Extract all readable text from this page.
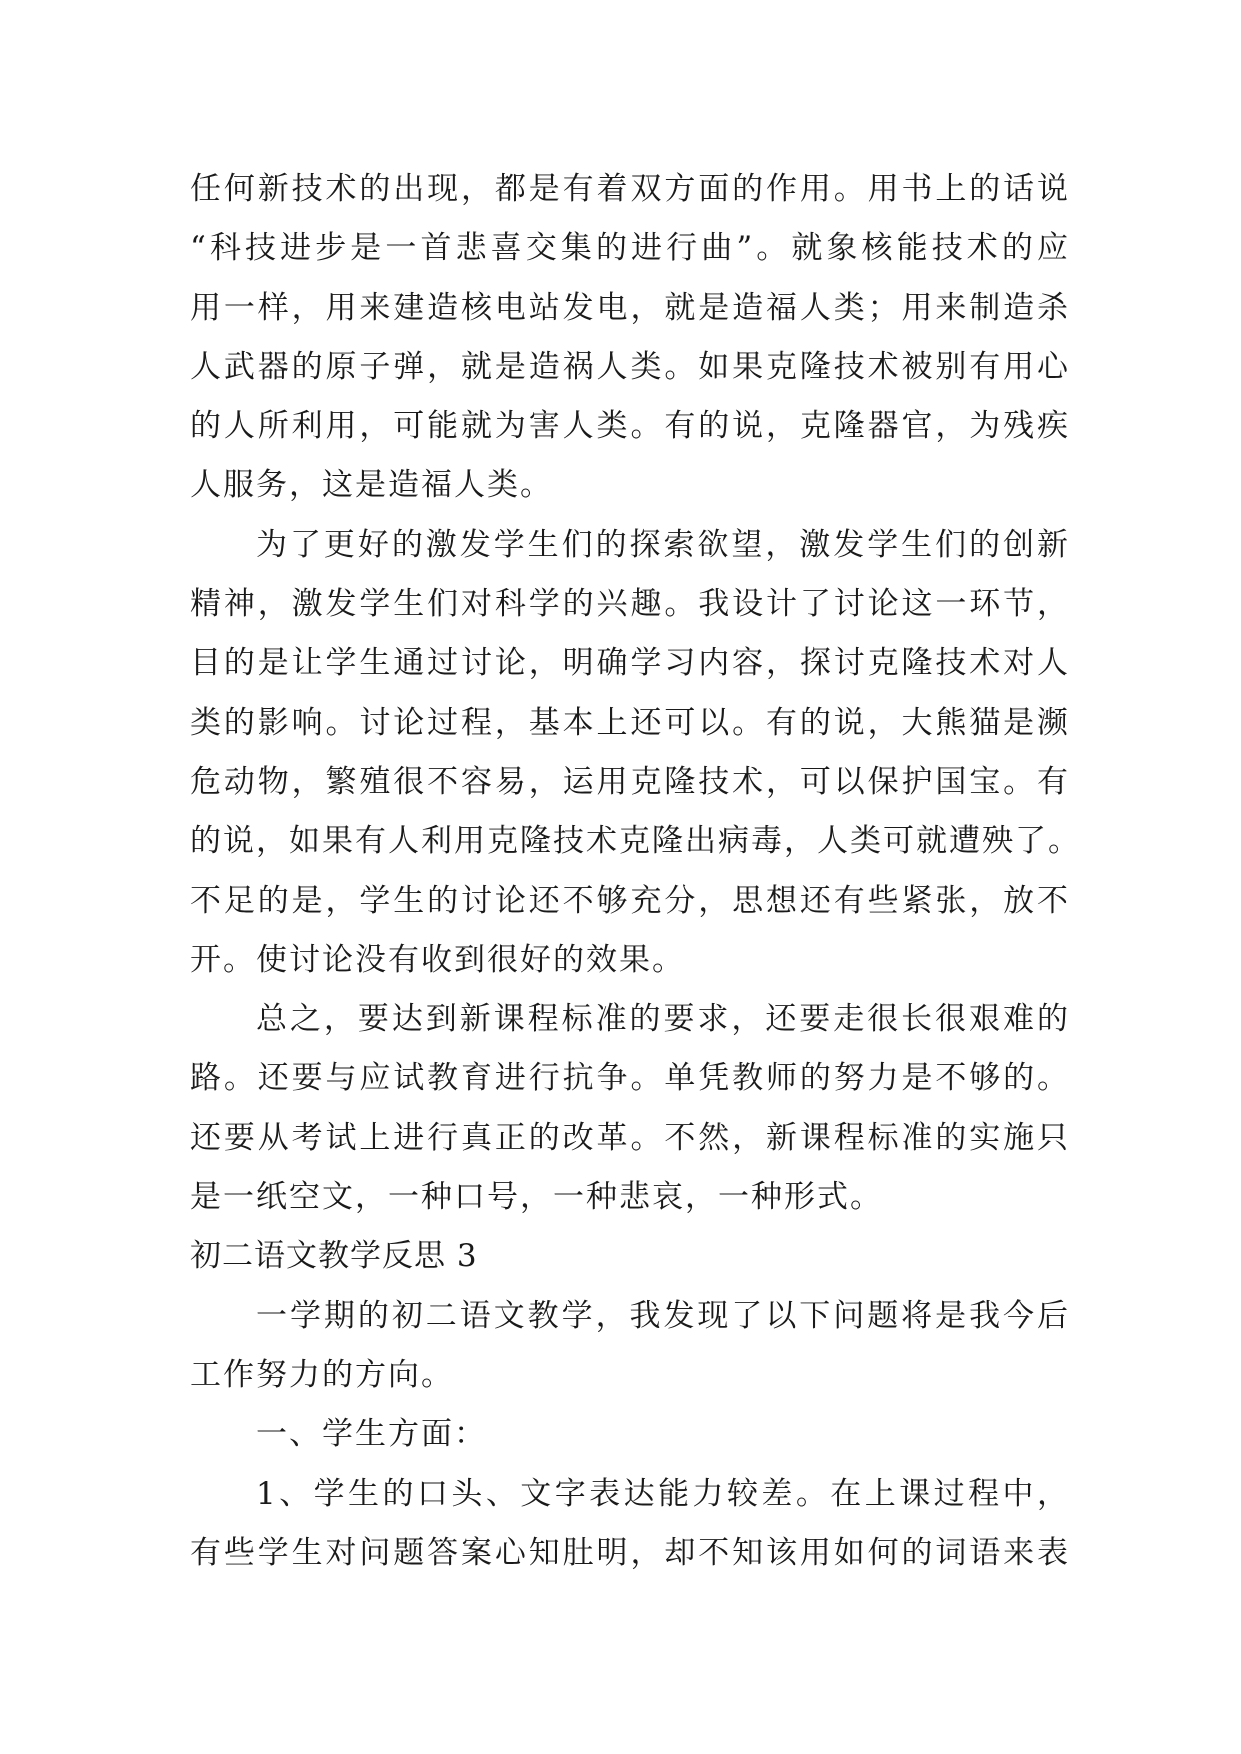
任何新技术的出现，都是有着双方面的作用。用书上的话说
“科技进步是一首悲喜交集的进行曲”。就象核能技术的应
用一样，用来建造核电站发电，就是造福人类；用来制造杀
人武器的原子弹，就是造祸人类。如果克隆技术被别有用心
的人所利用，可能就为害人类。有的说，克隆器官，为残疾
人服务，这是造福人类。
为了更好的激发学生们的探索欲望，激发学生们的创新
精神，激发学生们对科学的兴趣。我设计了讨论这一环节，
目的是让学生通过讨论，明确学习内容，探讨克隆技术对人
类的影响。讨论过程，基本上还可以。有的说，大熊猫是濒
危动物，繁殖很不容易，运用克隆技术，可以保护国宝。有
的说，如果有人利用克隆技术克隆出病毒，人类可就遭殃了。
不足的是，学生的讨论还不够充分，思想还有些紧张，放不
开。使讨论没有收到很好的效果。
总之，要达到新课程标准的要求，还要走很长很艰难的
路。还要与应试教育进行抗争。单凭教师的努力是不够的。
还要从考试上进行真正的改革。不然，新课程标准的实施只
是一纸空文，一种口号，一种悲哀，一种形式。
初二语文教学反思 3
一学期的初二语文教学，我发现了以下问题将是我今后
工作努力的方向。
一、学生方面：
1、学生的口头、文字表达能力较差。在上课过程中，
有些学生对问题答案心知肚明，却不知该用如何的词语来表
